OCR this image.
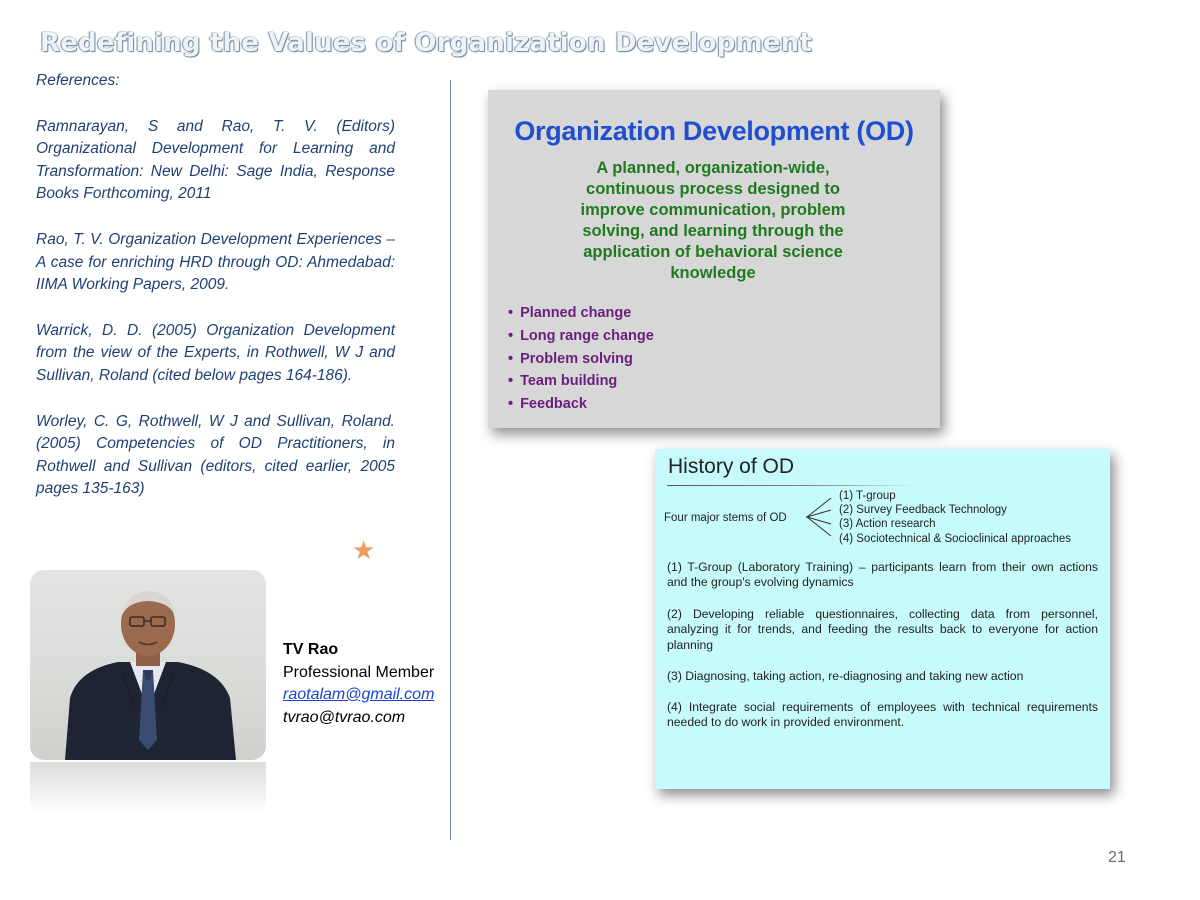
Redefining the Values of Organization Development
References:
Ramnarayan, S and Rao, T. V. (Editors) Organizational Development for Learning and Transformation: New Delhi: Sage India, Response Books Forthcoming, 2011
Rao, T. V. Organization Development Experiences – A case for enriching HRD through OD: Ahmedabad: IIMA Working Papers, 2009.
Warrick, D. D. (2005) Organization Development from the view of the Experts, in Rothwell, W J and Sullivan, Roland (cited below pages 164-186).
Worley, C. G, Rothwell, W J and Sullivan, Roland. (2005) Competencies of OD Practitioners, in Rothwell and Sullivan (editors, cited earlier, 2005 pages 135-163)
★
TV Rao
Professional Member
raotalam@gmail.com
tvrao@tvrao.com
Organization Development (OD)
A planned, organization-wide, continuous process designed to improve communication, problem solving, and learning through the application of behavioral science knowledge
• Planned change
• Long range change
• Problem solving
• Team building
• Feedback
History of OD
Four major stems of OD
(1) T-group
(2) Survey Feedback Technology
(3) Action research
(4) Sociotechnical & Socioclinical approaches
(1) T-Group (Laboratory Training) – participants learn from their own actions and the group's evolving dynamics
(2) Developing reliable questionnaires, collecting data from personnel, analyzing it for trends, and feeding the results back to everyone for action planning
(3) Diagnosing, taking action, re-diagnosing and taking new action
(4) Integrate social requirements of employees with technical requirements needed to do work in provided environment.
21
